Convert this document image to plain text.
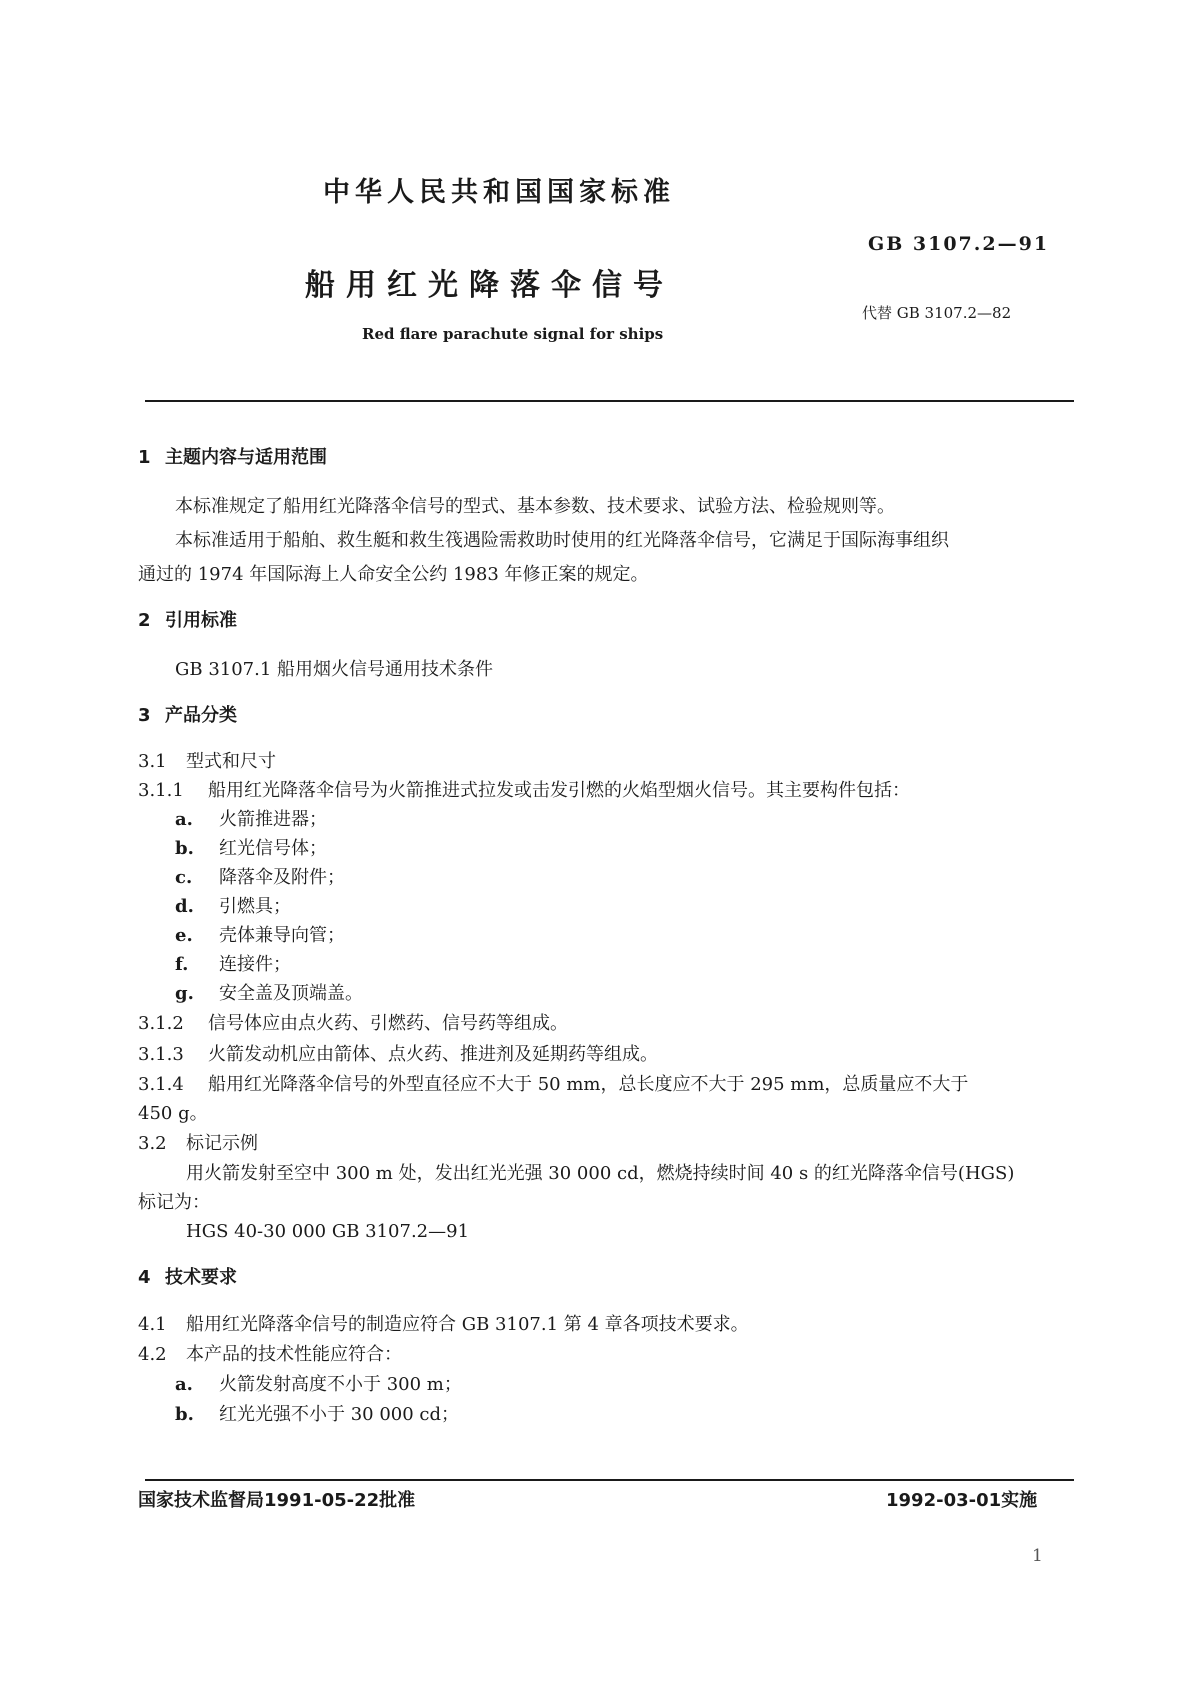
中华人民共和国国家标准
GB 3107.2—91
船用红光降落伞信号
代替 GB 3107.2—82
Red flare parachute signal for ships
1 主题内容与适用范围
本标准规定了船用红光降落伞信号的型式、基本参数、技术要求、试验方法、检验规则等。
本标准适用于船舶、救生艇和救生筏遇险需救助时使用的红光降落伞信号，它满足于国际海事组织
通过的 1974 年国际海上人命安全公约 1983 年修正案的规定。
2 引用标准
GB 3107.1 船用烟火信号通用技术条件
3 产品分类
3.1 型式和尺寸
3.1.1 船用红光降落伞信号为火箭推进式拉发或击发引燃的火焰型烟火信号。其主要构件包括：
a. 火箭推进器；
b. 红光信号体；
c. 降落伞及附件；
d. 引燃具；
e. 壳体兼导向管；
f. 连接件；
g. 安全盖及顶端盖。
3.1.2 信号体应由点火药、引燃药、信号药等组成。
3.1.3 火箭发动机应由箭体、点火药、推进剂及延期药等组成。
3.1.4 船用红光降落伞信号的外型直径应不大于 50 mm，总长度应不大于 295 mm，总质量应不大于
450 g。
3.2 标记示例
用火箭发射至空中 300 m 处，发出红光光强 30 000 cd，燃烧持续时间 40 s 的红光降落伞信号(HGS)
标记为：
HGS 40-30 000 GB 3107.2—91
4 技术要求
4.1 船用红光降落伞信号的制造应符合 GB 3107.1 第 4 章各项技术要求。
4.2 本产品的技术性能应符合：
a. 火箭发射高度不小于 300 m；
b. 红光光强不小于 30 000 cd；
国家技术监督局1991-05-22批准	1992-03-01实施
1
